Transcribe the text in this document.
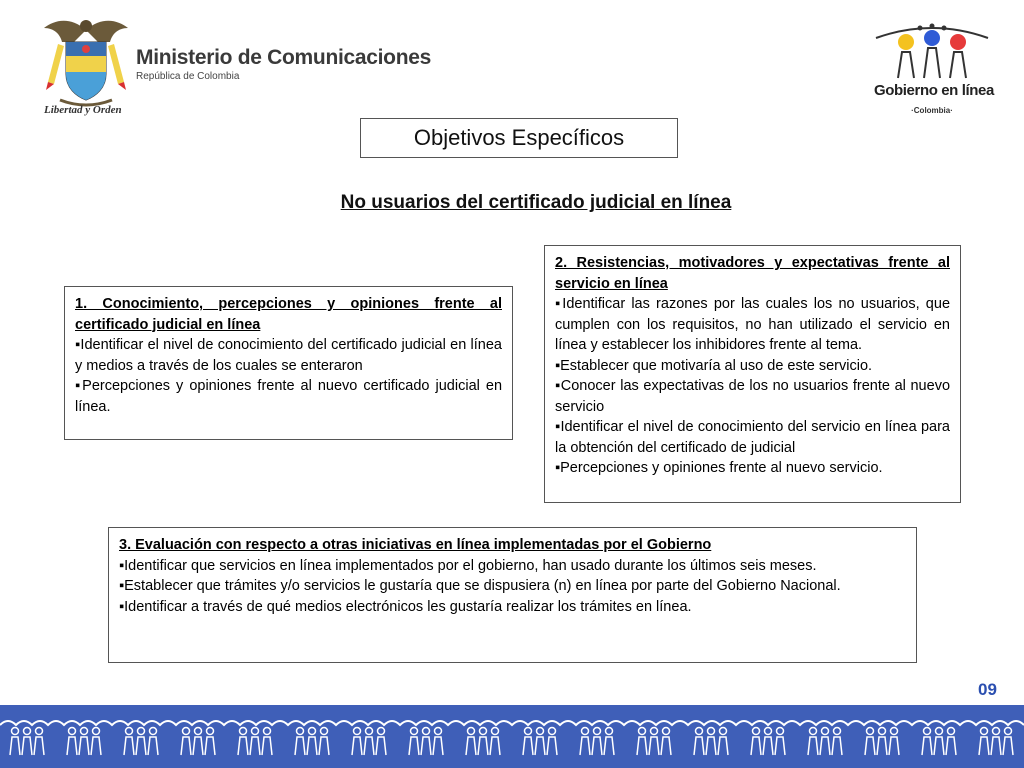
Libertad y Orden
Ministerio de Comunicaciones
República de Colombia
Gobierno en línea
·Colombia·
Objetivos Específicos
No usuarios del certificado judicial en línea
1. Conocimiento, percepciones y opiniones frente al certificado judicial en línea
▪ Identificar el nivel de conocimiento del certificado judicial en línea y medios a través de los cuales se enteraron
▪ Percepciones y opiniones frente al nuevo certificado judicial en línea.
2. Resistencias, motivadores y expectativas frente al servicio en línea
▪ Identificar las razones por las cuales los no usuarios, que cumplen con los requisitos, no han utilizado el servicio en línea y establecer los inhibidores frente al tema.
▪ Establecer que motivaría al uso de este servicio.
▪ Conocer las expectativas de los no usuarios frente al nuevo servicio
▪ Identificar el nivel de conocimiento del servicio en línea para la obtención del certificado de judicial
▪ Percepciones y opiniones frente al nuevo servicio.
3. Evaluación con respecto a otras iniciativas en línea implementadas por el Gobierno
▪ Identificar que servicios en línea implementados por el gobierno, han usado durante los últimos seis meses.
▪ Establecer que trámites y/o servicios le gustaría que se dispusiera (n) en línea por parte del Gobierno Nacional.
▪ Identificar a través de qué medios electrónicos les gustaría realizar los trámites en línea.
09
